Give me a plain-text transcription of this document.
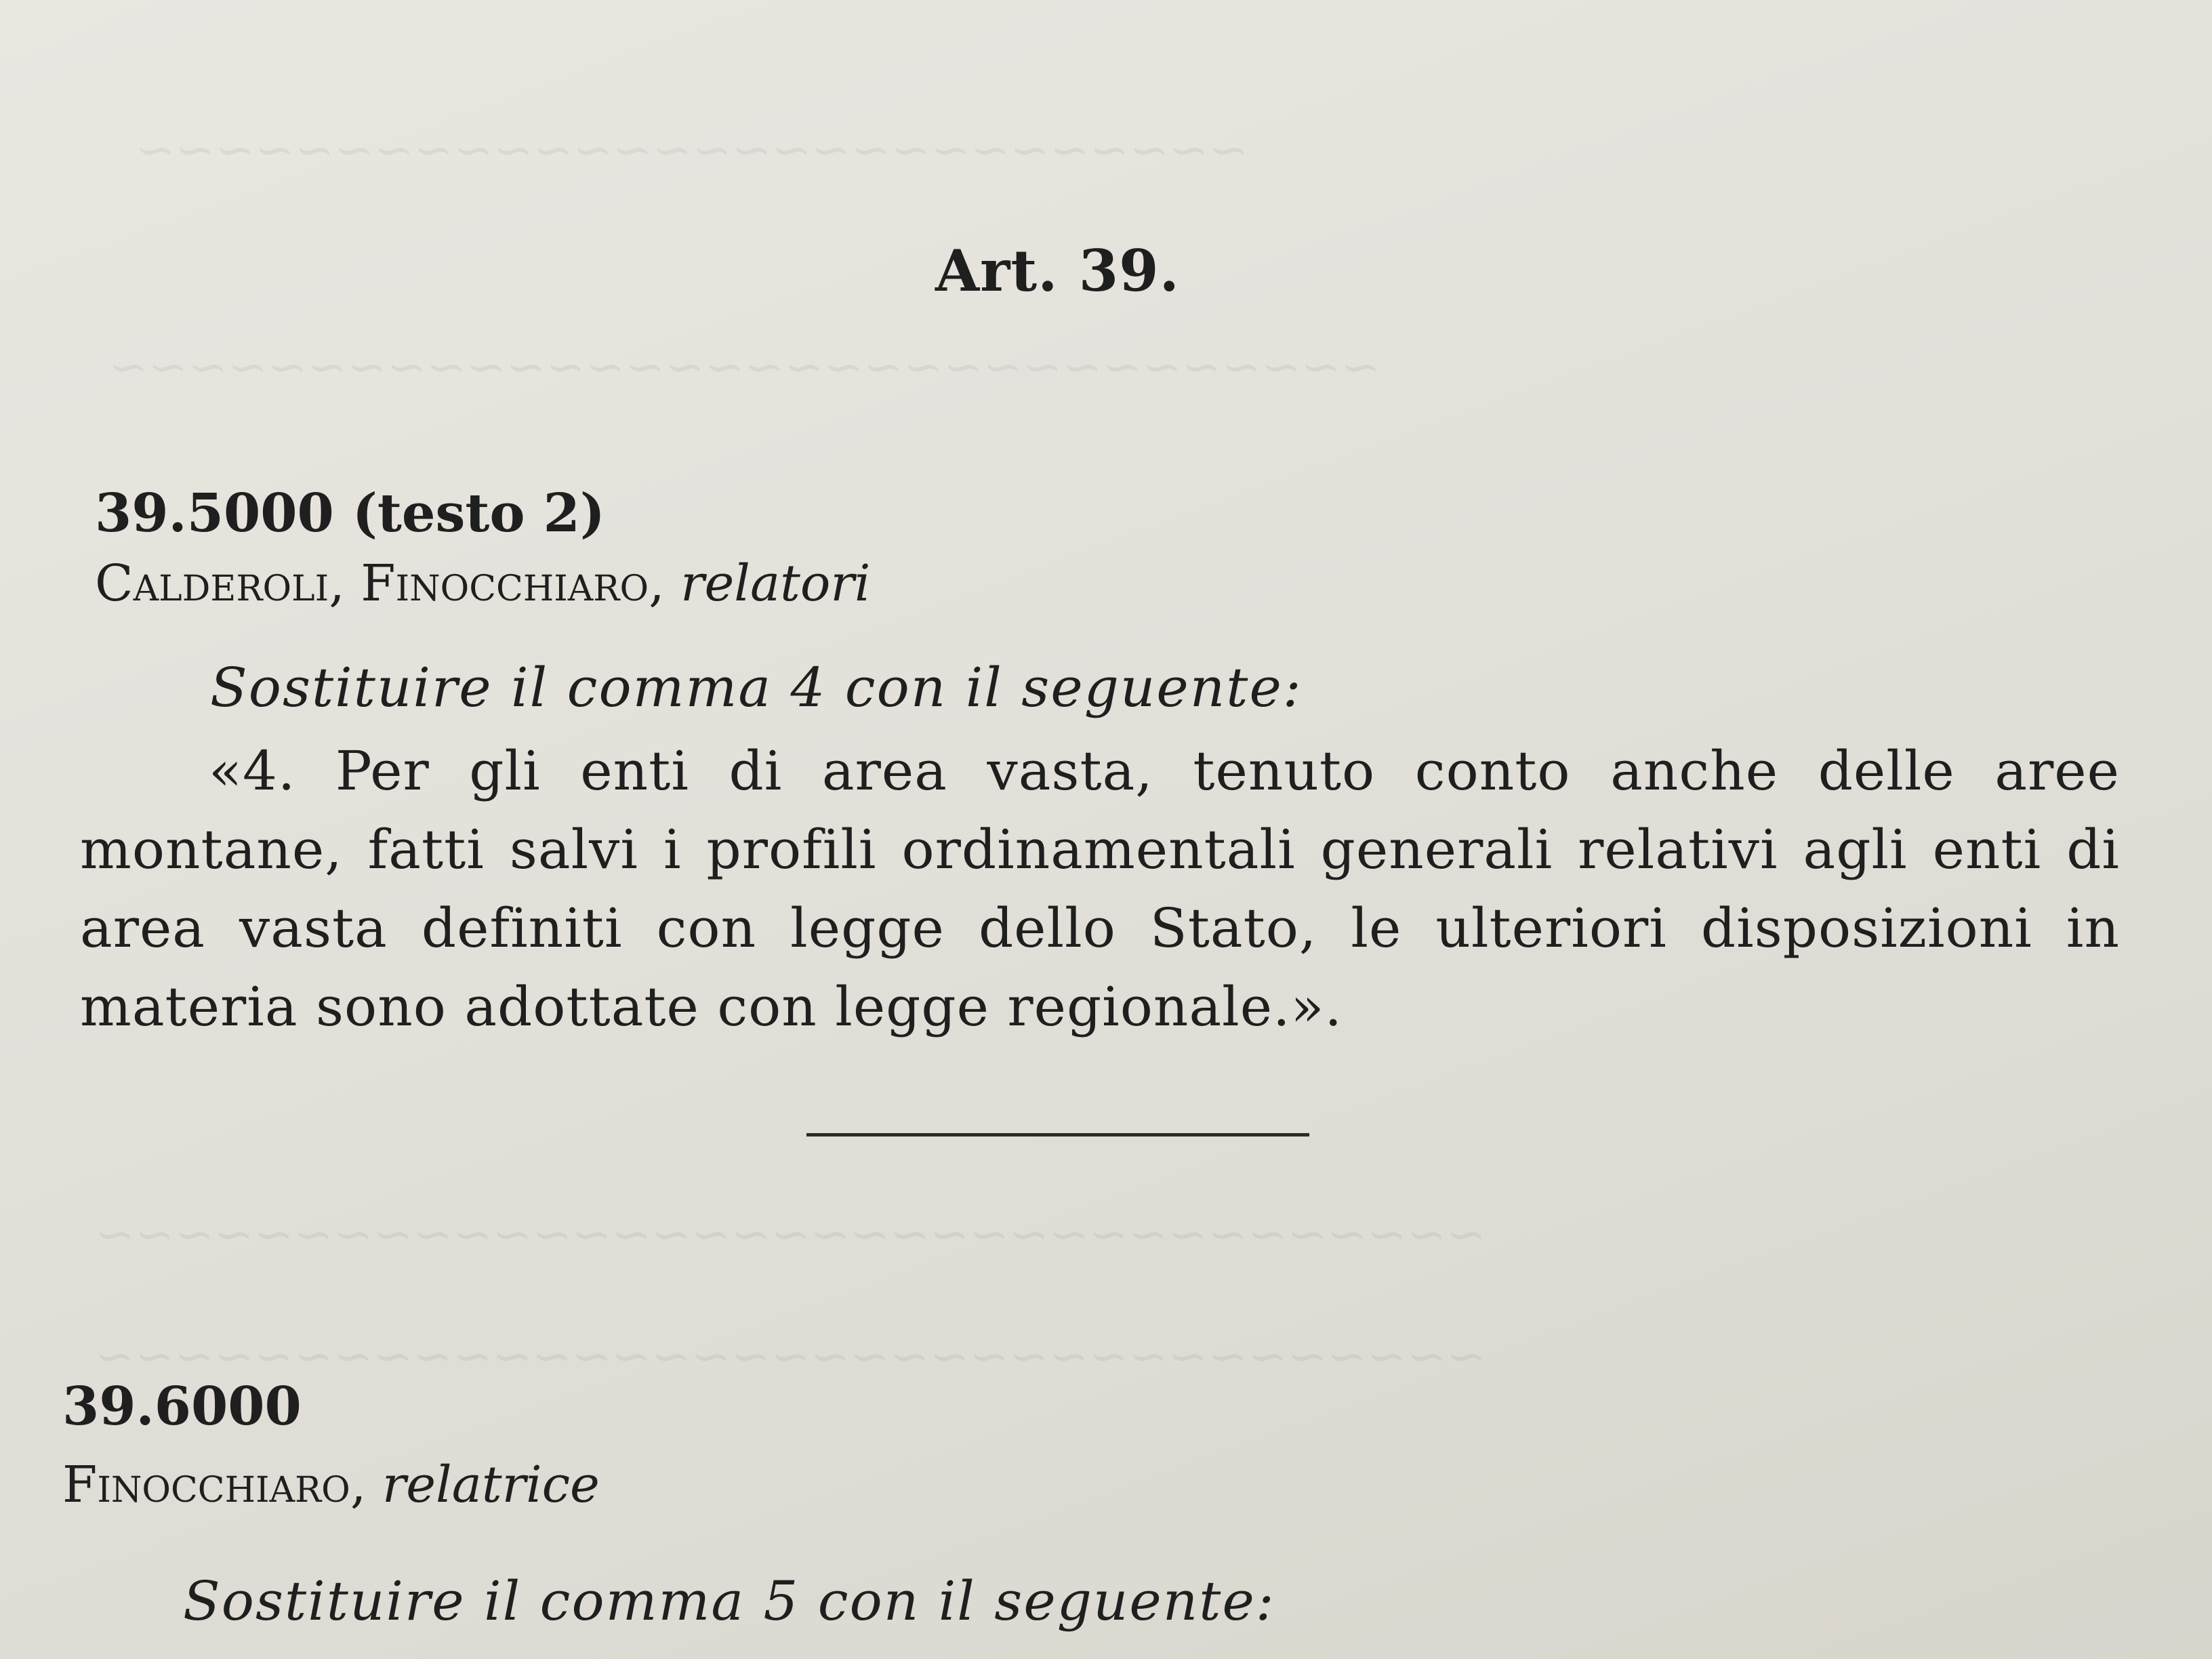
~~~~~~~~~~~~~~~~~~~~~~~~~~~~
~~~~~~~~~~~~~~~~~~~~~~~~~~~~~~~~
~~~~~~~~~~~~~~~~~~~~~~~~~~~~~~~~~~~
~~~~~~~~~~~~~~~~~~~~~~~~~~~~~~~~~~~
Art. 39.
39.5000 (testo 2)
Calderoli, Finocchiaro, relatori
Sostituire il comma 4 con il seguente:
«4. Per gli enti di area vasta, tenuto conto anche delle aree montane, fatti salvi i profili ordinamentali generali relativi agli enti di area vasta definiti con legge dello Stato, le ulteriori disposizioni in materia sono adottate con legge regionale.».
39.6000
Finocchiaro, relatrice
Sostituire il comma 5 con il seguente:
